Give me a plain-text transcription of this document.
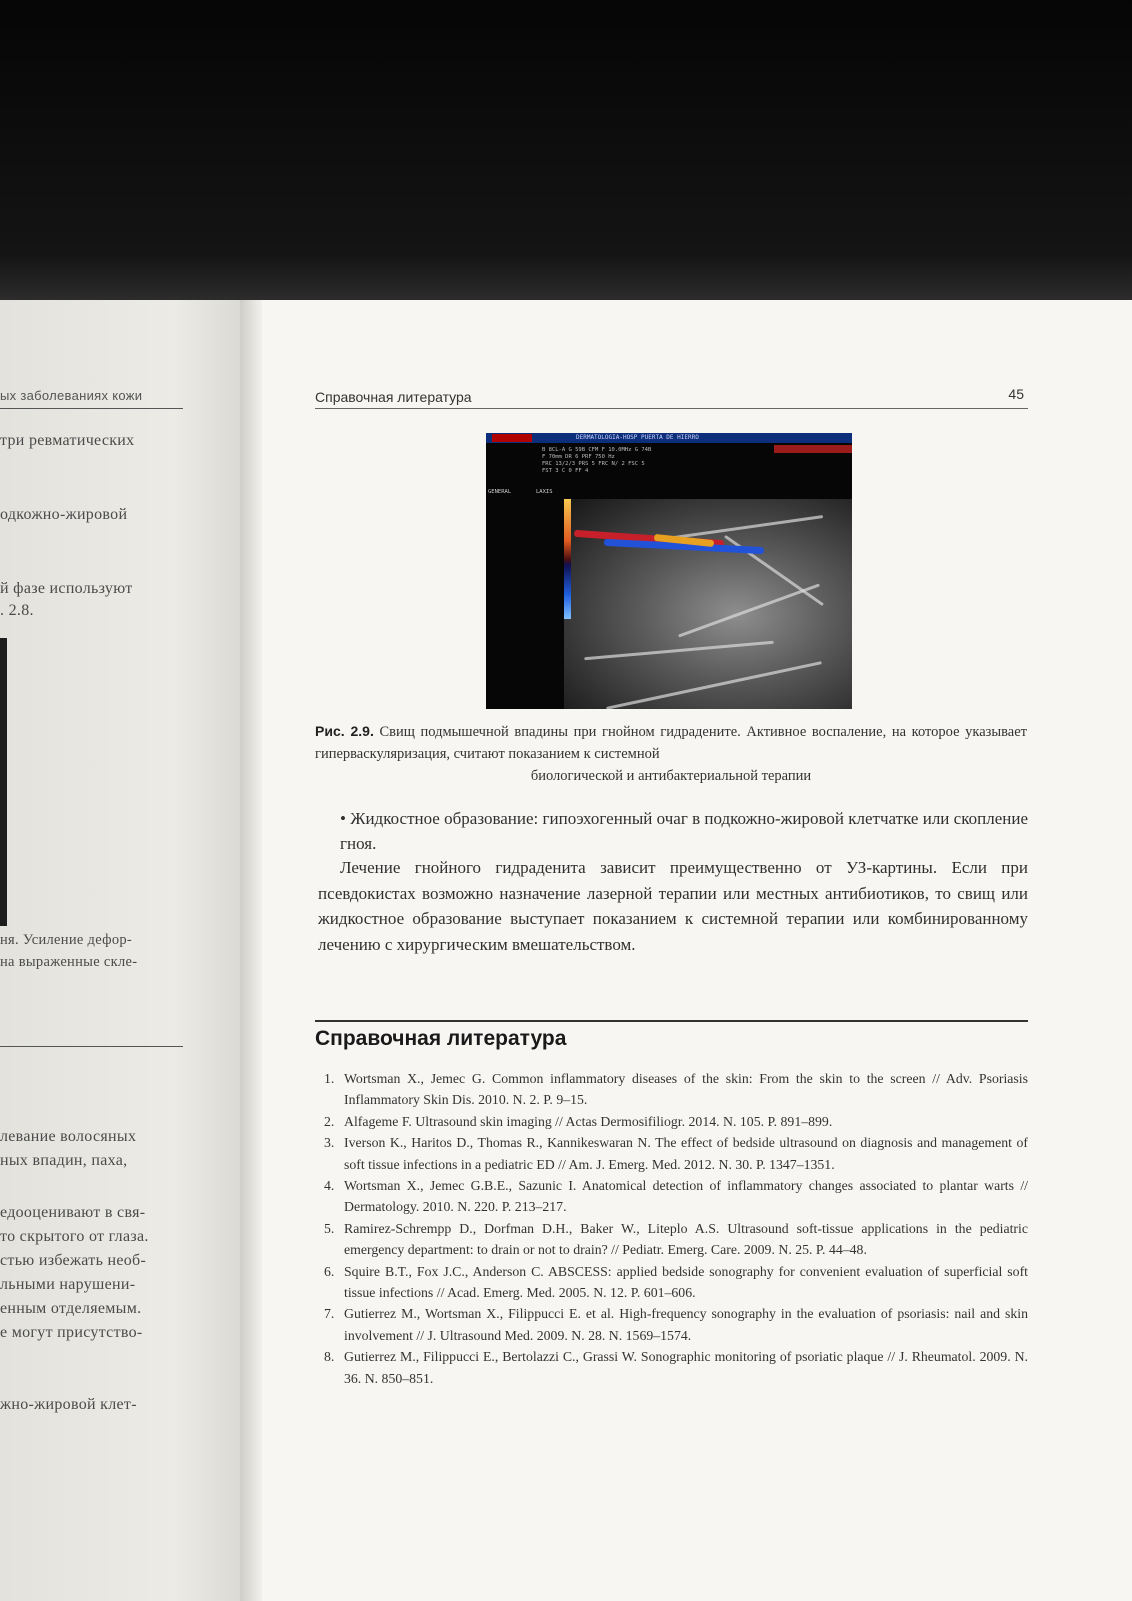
ых заболеваниях кожи
три ревматических
одкожно-жировой
й фазе используют
. 2.8.
ня. Усиление дефор-
на выраженные скле-
левание волосяных
ных впадин, паха,
едооценивают в свя-
то скрытого от глаза.
стью избежать необ-
льными нарушени-
енным отделяемым.
е могут присутство-
жно-жировой клет-
Справочная литература	45
DERMATOLOGIA-HOSP PUERTA DE HIERRO
B 8CL-A G 59B CFM F 10.0MHz G 74B
F 70mm DR 6 PRF 750 Hz
FRC 13/2/3 PRS 5 FRC N/ 2 FSC 5
FST 3 C 0 FF 4
GENERAL	LAXIS
Рис. 2.9. Свищ подмышечной впадины при гнойном гидрадените. Активное воспаление, на которое указывает гиперваскуляризация, считают показанием к системной
биологической и антибактериальной терапии
• Жидкостное образование: гипоэхогенный очаг в подкожно-жировой клетчатке или скопление гноя.

Лечение гнойного гидраденита зависит преимущественно от УЗ-картины. Если при псевдокистах возможно назначение лазерной терапии или местных антибиотиков, то свищ или жидкостное образование выступает показанием к системной терапии или комбинированному лечению с хирургическим вмешательством.

Справочная литература
1. Wortsman X., Jemec G. Common inflammatory diseases of the skin: From the skin to the screen // Adv. Psoriasis Inflammatory Skin Dis. 2010. N. 2. P. 9–15.
2. Alfageme F. Ultrasound skin imaging // Actas Dermosifiliogr. 2014. N. 105. P. 891–899.
3. Iverson K., Haritos D., Thomas R., Kannikeswaran N. The effect of bedside ultrasound on diagnosis and management of soft tissue infections in a pediatric ED // Am. J. Emerg. Med. 2012. N. 30. P. 1347–1351.
4. Wortsman X., Jemec G.B.E., Sazunic I. Anatomical detection of inflammatory changes associated to plantar warts // Dermatology. 2010. N. 220. P. 213–217.
5. Ramirez-Schrempp D., Dorfman D.H., Baker W., Liteplo A.S. Ultrasound soft-tissue applications in the pediatric emergency department: to drain or not to drain? // Pediatr. Emerg. Care. 2009. N. 25. P. 44–48.
6. Squire B.T., Fox J.C., Anderson C. ABSCESS: applied bedside sonography for convenient evaluation of superficial soft tissue infections // Acad. Emerg. Med. 2005. N. 12. P. 601–606.
7. Gutierrez M., Wortsman X., Filippucci E. et al. High-frequency sonography in the evaluation of psoriasis: nail and skin involvement // J. Ultrasound Med. 2009. N. 28. N. 1569–1574.
8. Gutierrez M., Filippucci E., Bertolazzi C., Grassi W. Sonographic monitoring of psoriatic plaque // J. Rheumatol. 2009. N. 36. N. 850–851.
